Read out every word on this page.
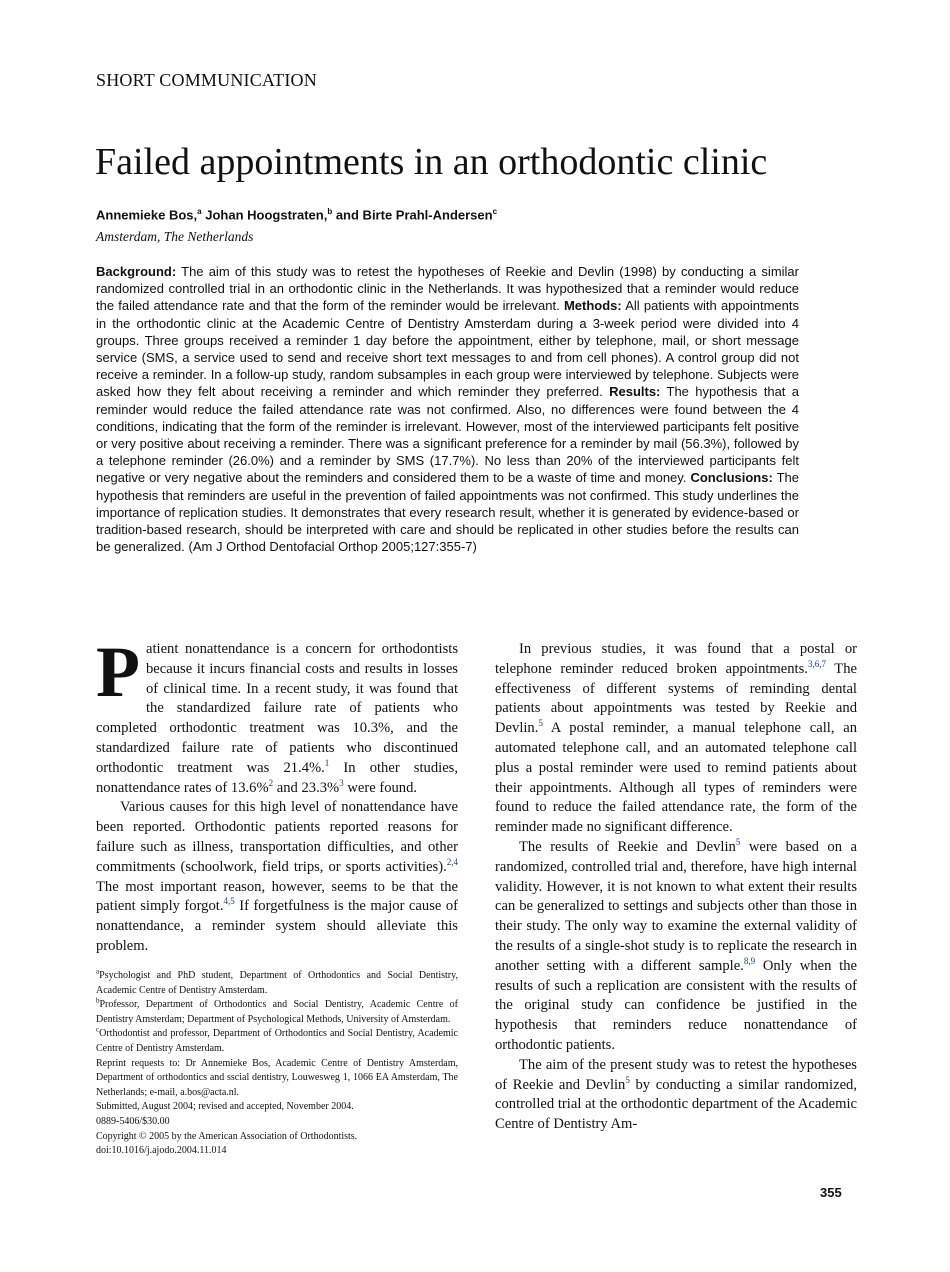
SHORT COMMUNICATION
Failed appointments in an orthodontic clinic
Annemieke Bos,$^a$ Johan Hoogstraten,$^b$ and Birte Prahl-Andersen$^c$
Amsterdam, The Netherlands

Background: The aim of this study was to retest the hypotheses of Reekie and Devlin (1998) by conducting a similar randomized controlled trial in an orthodontic clinic in the Netherlands. It was hypothesized that a reminder would reduce the failed attendance rate and that the form of the reminder would be irrelevant. Methods: All patients with appointments in the orthodontic clinic at the Academic Centre of Dentistry Amsterdam during a 3-week period were divided into 4 groups. Three groups received a reminder 1 day before the appointment, either by telephone, mail, or short message service (SMS, a service used to send and receive short text messages to and from cell phones). A control group did not receive a reminder. In a follow-up study, random subsamples in each group were interviewed by telephone. Subjects were asked how they felt about receiving a reminder and which reminder they preferred. Results: The hypothesis that a reminder would reduce the failed attendance rate was not confirmed. Also, no differences were found between the 4 conditions, indicating that the form of the reminder is irrelevant. However, most of the interviewed participants felt positive or very positive about receiving a reminder. There was a significant preference for a reminder by mail (56.3%), followed by a telephone reminder (26.0%) and a reminder by SMS (17.7%). No less than 20% of the interviewed participants felt negative or very negative about the reminders and considered them to be a waste of time and money. Conclusions: The hypothesis that reminders are useful in the prevention of failed appointments was not confirmed. This study underlines the importance of replication studies. It demonstrates that every research result, whether it is generated by evidence-based or tradition-based research, should be interpreted with care and should be replicated in other studies before the results can be generalized. (Am J Orthod Dentofacial Orthop 2005;127:355-7)

Patient nonattendance is a concern for orthodontists because it incurs financial costs and results in losses of clinical time. In a recent study, it was found that the standardized failure rate of patients who completed orthodontic treatment was 10.3%, and the standardized failure rate of patients who discontinued orthodontic treatment was 21.4%.$^1$ In other studies, nonattendance rates of 13.6%$^2$ and 23.3%$^3$ were found.

Various causes for this high level of nonattendance have been reported. Orthodontic patients reported reasons for failure such as illness, transportation difficulties, and other commitments (schoolwork, field trips, or sports activities).$^{2,4}$ The most important reason, however, seems to be that the patient simply forgot.$^{4,5}$ If forgetfulness is the major cause of nonattendance, a reminder system should alleviate this problem.

$^a$Psychologist and PhD student, Department of Orthodontics and Social Dentistry, Academic Centre of Dentistry Amsterdam.
$^b$Professor, Department of Orthodontics and Social Dentistry, Academic Centre of Dentistry Amsterdam; Department of Psychological Methods, University of Amsterdam.
$^c$Orthodontist and professor, Department of Orthodontics and Social Dentistry, Academic Centre of Dentistry Amsterdam.
Reprint requests to: Dr Annemieke Bos, Academic Centre of Dentistry Amsterdam, Department of orthodontics and sscial dentistry, Louwesweg 1, 1066 EA Amsterdam, The Netherlands; e-mail, a.bos@acta.nl.
Submitted, August 2004; revised and accepted, November 2004.
0889-5406/$30.00
Copyright © 2005 by the American Association of Orthodontists.
doi:10.1016/j.ajodo.2004.11.014

In previous studies, it was found that a postal or telephone reminder reduced broken appointments.$^{3,6,7}$ The effectiveness of different systems of reminding dental patients about appointments was tested by Reekie and Devlin.$^5$ A postal reminder, a manual telephone call, an automated telephone call, and an automated telephone call plus a postal reminder were used to remind patients about their appointments. Although all types of reminders were found to reduce the failed attendance rate, the form of the reminder made no significant difference.

The results of Reekie and Devlin$^5$ were based on a randomized, controlled trial and, therefore, have high internal validity. However, it is not known to what extent their results can be generalized to settings and subjects other than those in their study. The only way to examine the external validity of the results of a single-shot study is to replicate the research in another setting with a different sample.$^{8,9}$ Only when the results of such a replication are consistent with the results of the original study can confidence be justified in the hypothesis that reminders reduce nonattendance of orthodontic patients.

The aim of the present study was to retest the hypotheses of Reekie and Devlin$^5$ by conducting a similar randomized, controlled trial at the orthodontic department of the Academic Centre of Dentistry Am-

355
